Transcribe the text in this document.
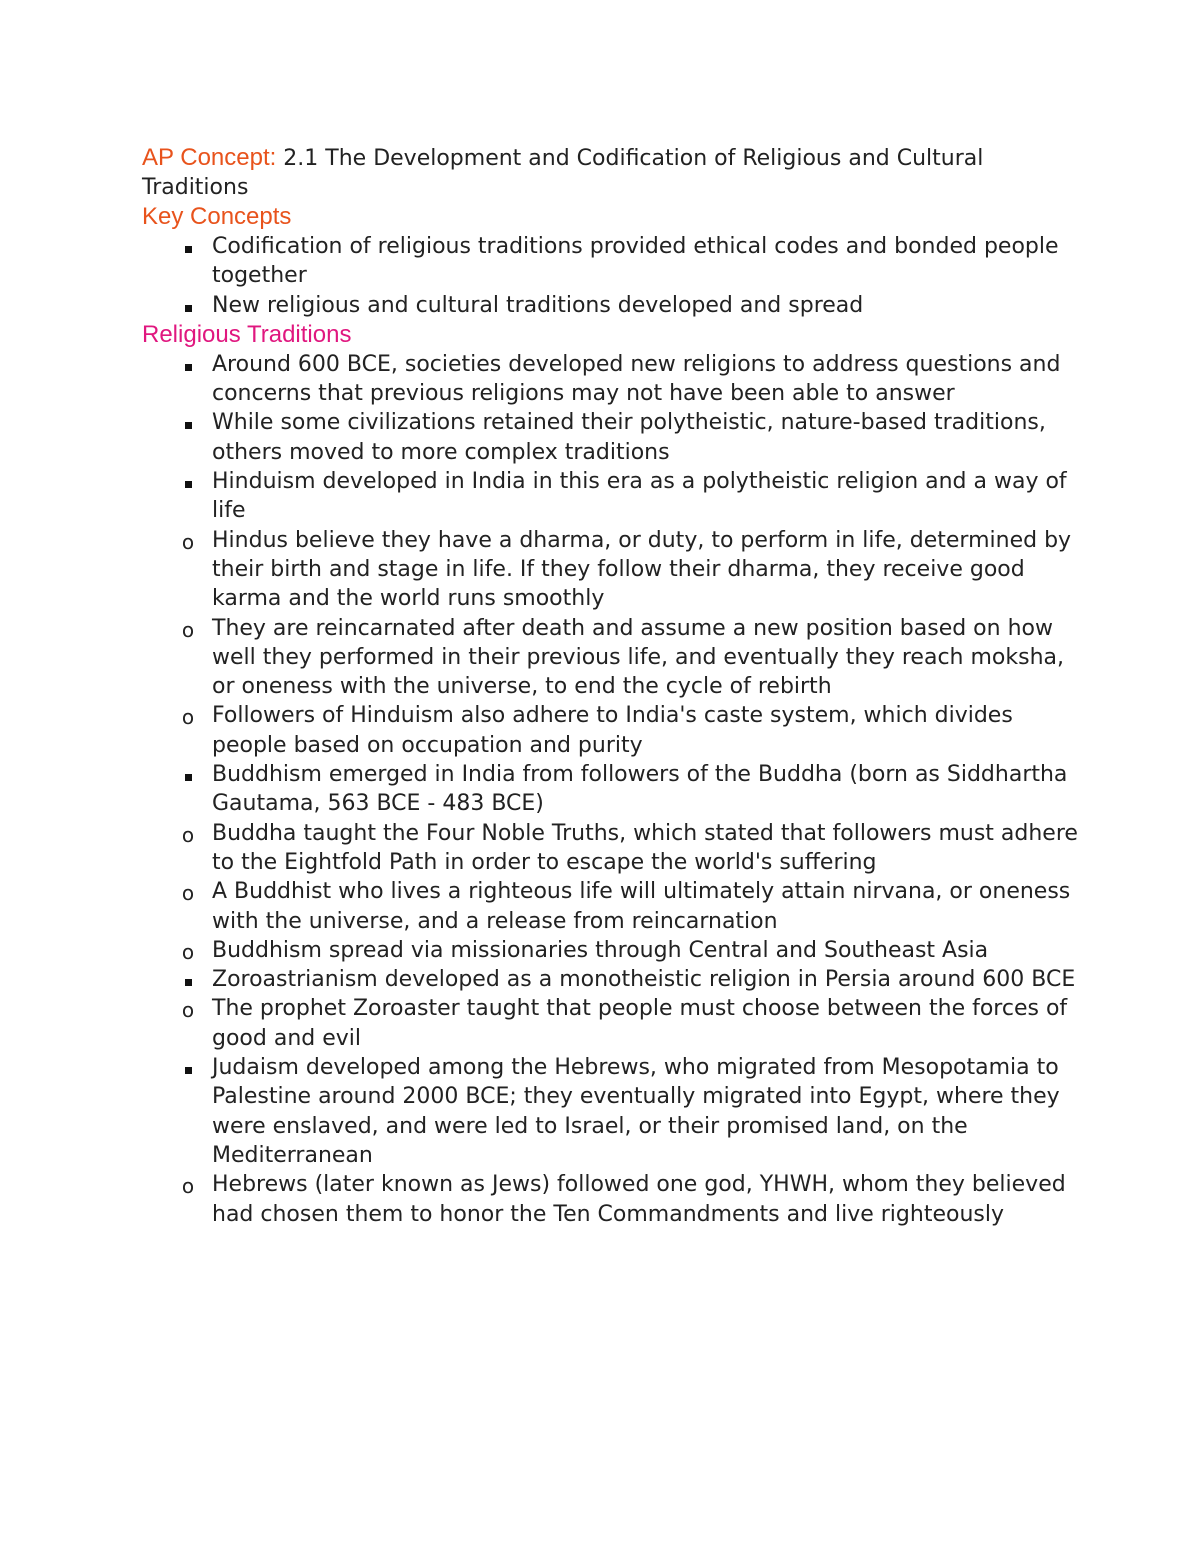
AP Concept: 2.1 The Development and Codification of Religious and Cultural Traditions

Key Concepts
Codification of religious traditions provided ethical codes and bonded people together
New religious and cultural traditions developed and spread
Religious Traditions
Around 600 BCE, societies developed new religions to address questions and concerns that previous religions may not have been able to answer
While some civilizations retained their polytheistic, nature-based traditions, others moved to more complex traditions
Hinduism developed in India in this era as a polytheistic religion and a way of life
o Hindus believe they have a dharma, or duty, to perform in life, determined by their birth and stage in life. If they follow their dharma, they receive good karma and the world runs smoothly
o They are reincarnated after death and assume a new position based on how well they performed in their previous life, and eventually they reach moksha, or oneness with the universe, to end the cycle of rebirth
o Followers of Hinduism also adhere to India's caste system, which divides people based on occupation and purity
Buddhism emerged in India from followers of the Buddha (born as Siddhartha Gautama, 563 BCE - 483 BCE)
o Buddha taught the Four Noble Truths, which stated that followers must adhere to the Eightfold Path in order to escape the world's suffering
o A Buddhist who lives a righteous life will ultimately attain nirvana, or oneness with the universe, and a release from reincarnation
o Buddhism spread via missionaries through Central and Southeast Asia
Zoroastrianism developed as a monotheistic religion in Persia around 600 BCE
o The prophet Zoroaster taught that people must choose between the forces of good and evil
Judaism developed among the Hebrews, who migrated from Mesopotamia to Palestine around 2000 BCE; they eventually migrated into Egypt, where they were enslaved, and were led to Israel, or their promised land, on the Mediterranean
o Hebrews (later known as Jews) followed one god, YHWH, whom they believed had chosen them to honor the Ten Commandments and live righteously
